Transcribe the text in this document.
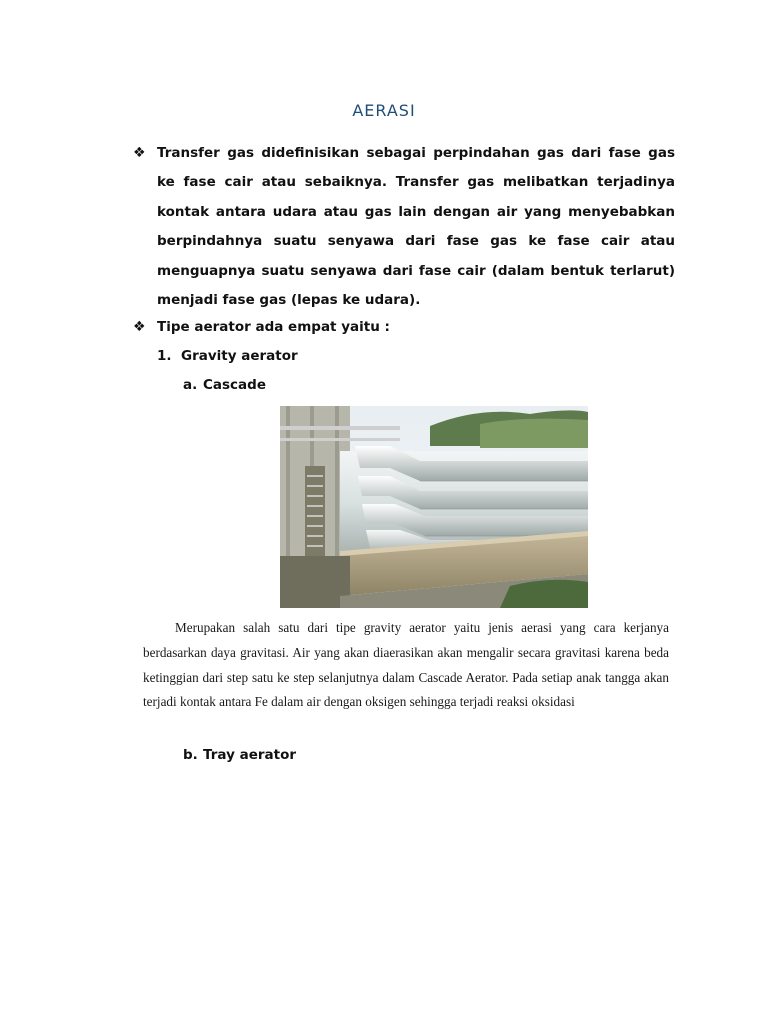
AERASI
❖ Transfer gas didefinisikan sebagai perpindahan gas dari fase gas ke fase cair atau sebaiknya. Transfer gas melibatkan terjadinya kontak antara udara atau gas lain dengan air yang menyebabkan berpindahnya suatu senyawa dari fase gas ke fase cair atau menguapnya suatu senyawa dari fase cair (dalam bentuk terlarut) menjadi fase gas (lepas ke udara).
❖ Tipe aerator ada empat yaitu :
1. Gravity aerator
a. Cascade
Merupakan salah satu dari tipe gravity aerator yaitu jenis aerasi yang cara kerjanya berdasarkan daya gravitasi. Air yang akan diaerasikan akan mengalir secara gravitasi karena beda ketinggian dari step satu ke step selanjutnya dalam Cascade Aerator. Pada setiap anak tangga akan terjadi kontak antara Fe dalam air dengan oksigen sehingga terjadi reaksi oksidasi
b. Tray aerator
